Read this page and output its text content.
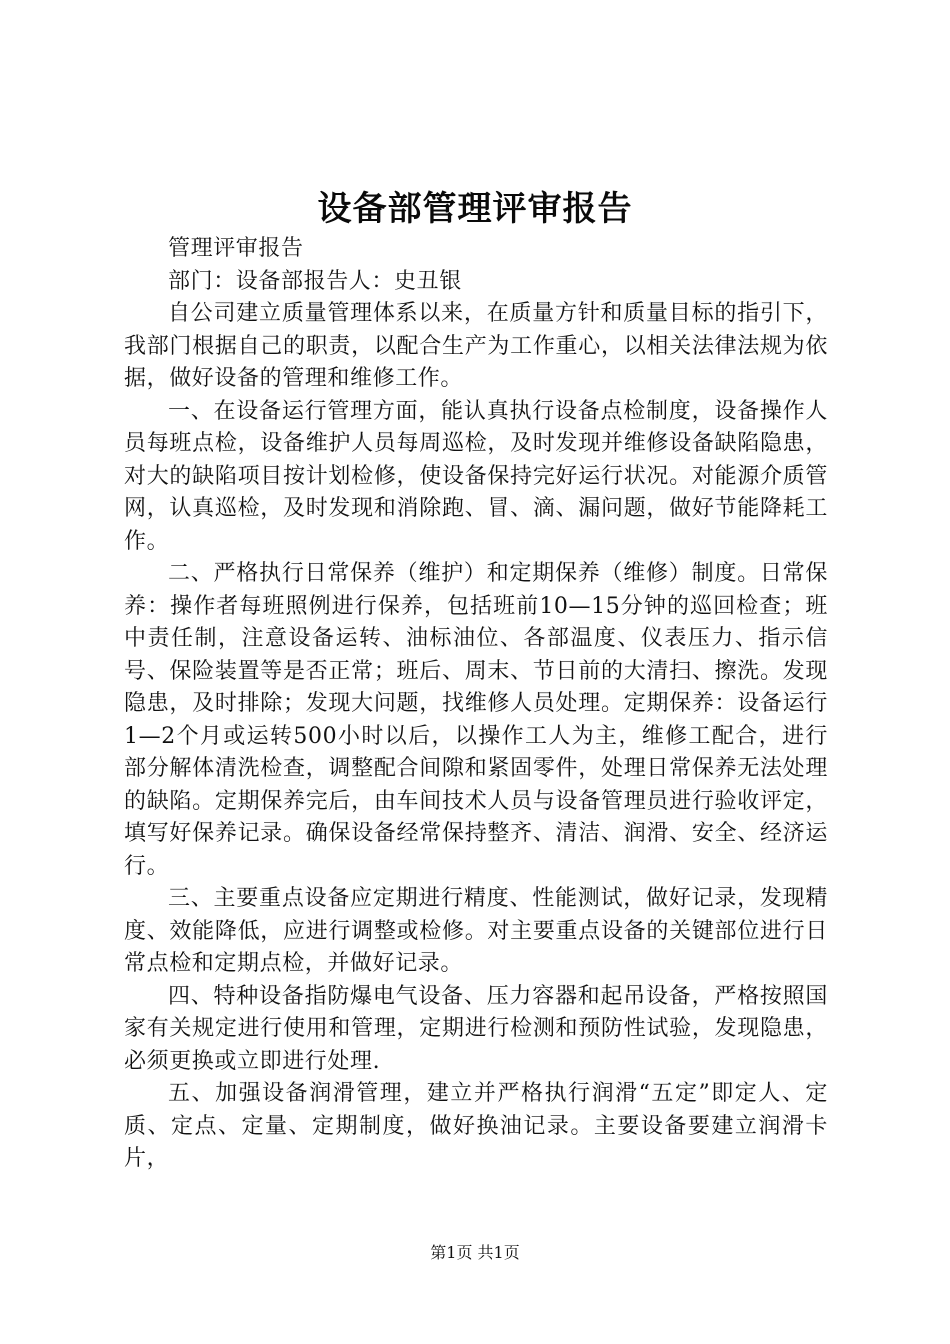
设备部管理评审报告

管理评审报告

部门：设备部报告人：史丑银

自公司建立质量管理体系以来，在质量方针和质量目标的指引下，我部门根据自己的职责，以配合生产为工作重心，以相关法律法规为依据，做好设备的管理和维修工作。

一、在设备运行管理方面，能认真执行设备点检制度，设备操作人员每班点检，设备维护人员每周巡检，及时发现并维修设备缺陷隐患，对大的缺陷项目按计划检修，使设备保持完好运行状况。对能源介质管网，认真巡检，及时发现和消除跑、冒、滴、漏问题，做好节能降耗工作。

二、严格执行日常保养（维护）和定期保养（维修）制度。日常保养：操作者每班照例进行保养，包括班前10—15分钟的巡回检查；班中责任制，注意设备运转、油标油位、各部温度、仪表压力、指示信号、保险装置等是否正常；班后、周末、节日前的大清扫、擦洗。发现隐患，及时排除；发现大问题，找维修人员处理。定期保养：设备运行1—2个月或运转500小时以后，以操作工人为主，维修工配合，进行部分解体清洗检查，调整配合间隙和紧固零件，处理日常保养无法处理的缺陷。定期保养完后，由车间技术人员与设备管理员进行验收评定，填写好保养记录。确保设备经常保持整齐、清洁、润滑、安全、经济运行。

三、主要重点设备应定期进行精度、性能测试，做好记录，发现精度、效能降低，应进行调整或检修。对主要重点设备的关键部位进行日常点检和定期点检，并做好记录。

四、特种设备指防爆电气设备、压力容器和起吊设备，严格按照国家有关规定进行使用和管理，定期进行检测和预防性试验，发现隐患，必须更换或立即进行处理.

五、加强设备润滑管理，建立并严格执行润滑“五定”即定人、定质、定点、定量、定期制度，做好换油记录。主要设备要建立润滑卡片，

第1页 共1页
